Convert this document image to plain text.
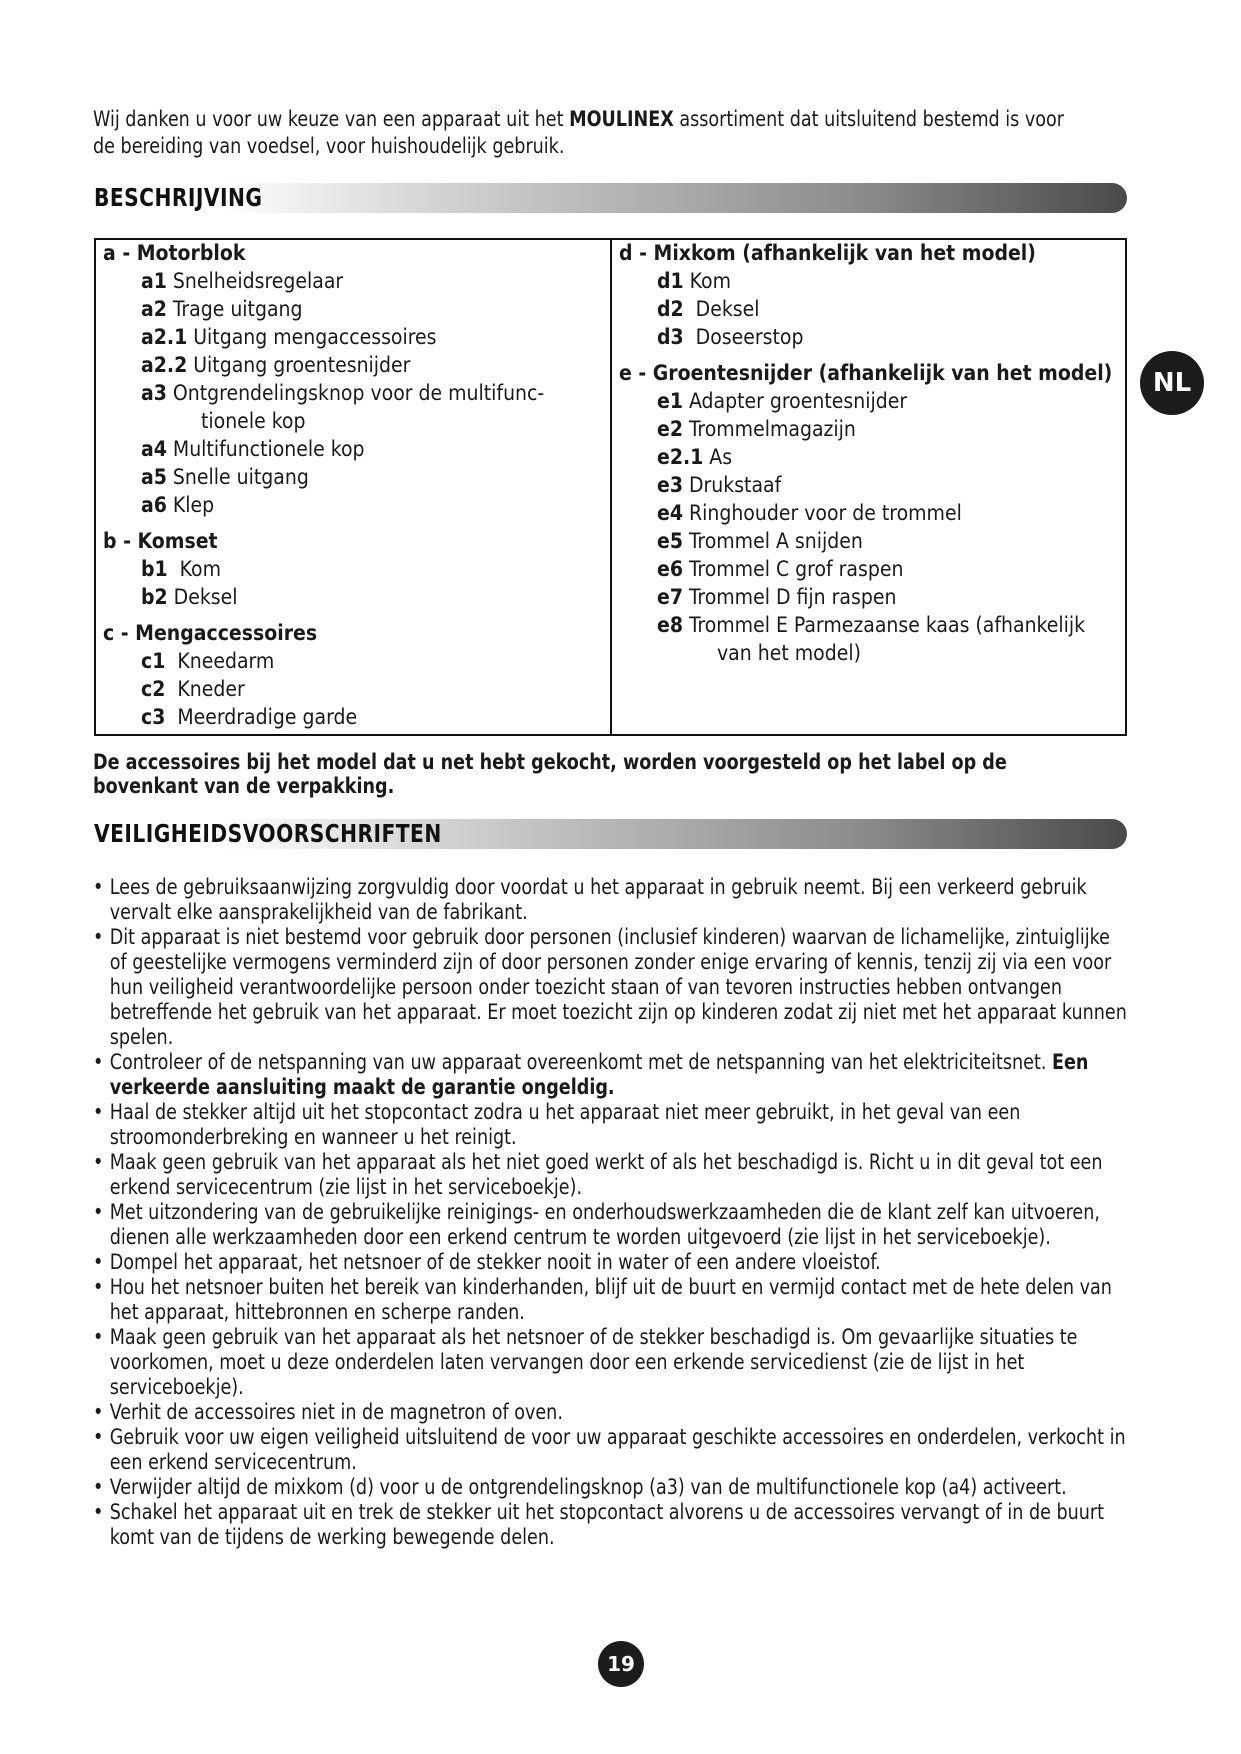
Wij danken u voor uw keuze van een apparaat uit het MOULINEX assortiment dat uitsluitend bestemd is voor de bereiding van voedsel, voor huishoudelijk gebruik.
BESCHRIJVING
a - Motorblok
a1 Snelheidsregelaar
a2 Trage uitgang
a2.1 Uitgang mengaccessoires
a2.2 Uitgang groentesnijder
a3 Ontgrendelingsknop voor de multifunc-
tionele kop
a4 Multifunctionele kop
a5 Snelle uitgang
a6 Klep
b - Komset
b1  Kom
b2 Deksel
c - Mengaccessoires
c1  Kneedarm
c2  Kneder
c3  Meerdradige garde
d - Mixkom (afhankelijk van het model)
d1 Kom
d2  Deksel
d3  Doseerstop
e - Groentesnijder (afhankelijk van het model)
e1 Adapter groentesnijder
e2 Trommelmagazijn
e2.1 As
e3 Drukstaaf
e4 Ringhouder voor de trommel
e5 Trommel A snijden
e6 Trommel C grof raspen
e7 Trommel D fijn raspen
e8 Trommel E Parmezaanse kaas (afhankelijk
van het model)
De accessoires bij het model dat u net hebt gekocht, worden voorgesteld op het label op de bovenkant van de verpakking.
VEILIGHEIDSVOORSCHRIFTEN
• Lees de gebruiksaanwijzing zorgvuldig door voordat u het apparaat in gebruik neemt. Bij een verkeerd gebruik vervalt elke aansprakelijkheid van de fabrikant.
• Dit apparaat is niet bestemd voor gebruik door personen (inclusief kinderen) waarvan de lichamelijke, zintuiglijke of geestelijke vermogens verminderd zijn of door personen zonder enige ervaring of kennis, tenzij zij via een voor hun veiligheid verantwoordelijke persoon onder toezicht staan of van tevoren instructies hebben ontvangen betreffende het gebruik van het apparaat. Er moet toezicht zijn op kinderen zodat zij niet met het apparaat kunnen spelen.
• Controleer of de netspanning van uw apparaat overeenkomt met de netspanning van het elektriciteitsnet. Een verkeerde aansluiting maakt de garantie ongeldig.
• Haal de stekker altijd uit het stopcontact zodra u het apparaat niet meer gebruikt, in het geval van een stroomonderbreking en wanneer u het reinigt.
• Maak geen gebruik van het apparaat als het niet goed werkt of als het beschadigd is. Richt u in dit geval tot een erkend servicecentrum (zie lijst in het serviceboekje).
• Met uitzondering van de gebruikelijke reinigings- en onderhoudswerkzaamheden die de klant zelf kan uitvoeren, dienen alle werkzaamheden door een erkend centrum te worden uitgevoerd (zie lijst in het serviceboekje).
• Dompel het apparaat, het netsnoer of de stekker nooit in water of een andere vloeistof.
• Hou het netsnoer buiten het bereik van kinderhanden, blijf uit de buurt en vermijd contact met de hete delen van het apparaat, hittebronnen en scherpe randen.
• Maak geen gebruik van het apparaat als het netsnoer of de stekker beschadigd is. Om gevaarlijke situaties te voorkomen, moet u deze onderdelen laten vervangen door een erkende servicedienst (zie de lijst in het serviceboekje).
• Verhit de accessoires niet in de magnetron of oven.
• Gebruik voor uw eigen veiligheid uitsluitend de voor uw apparaat geschikte accessoires en onderdelen, verkocht in een erkend servicecentrum.
• Verwijder altijd de mixkom (d) voor u de ontgrendelingsknop (a3) van de multifunctionele kop (a4) activeert.
• Schakel het apparaat uit en trek de stekker uit het stopcontact alvorens u de accessoires vervangt of in de buurt komt van de tijdens de werking bewegende delen.
NL
19
